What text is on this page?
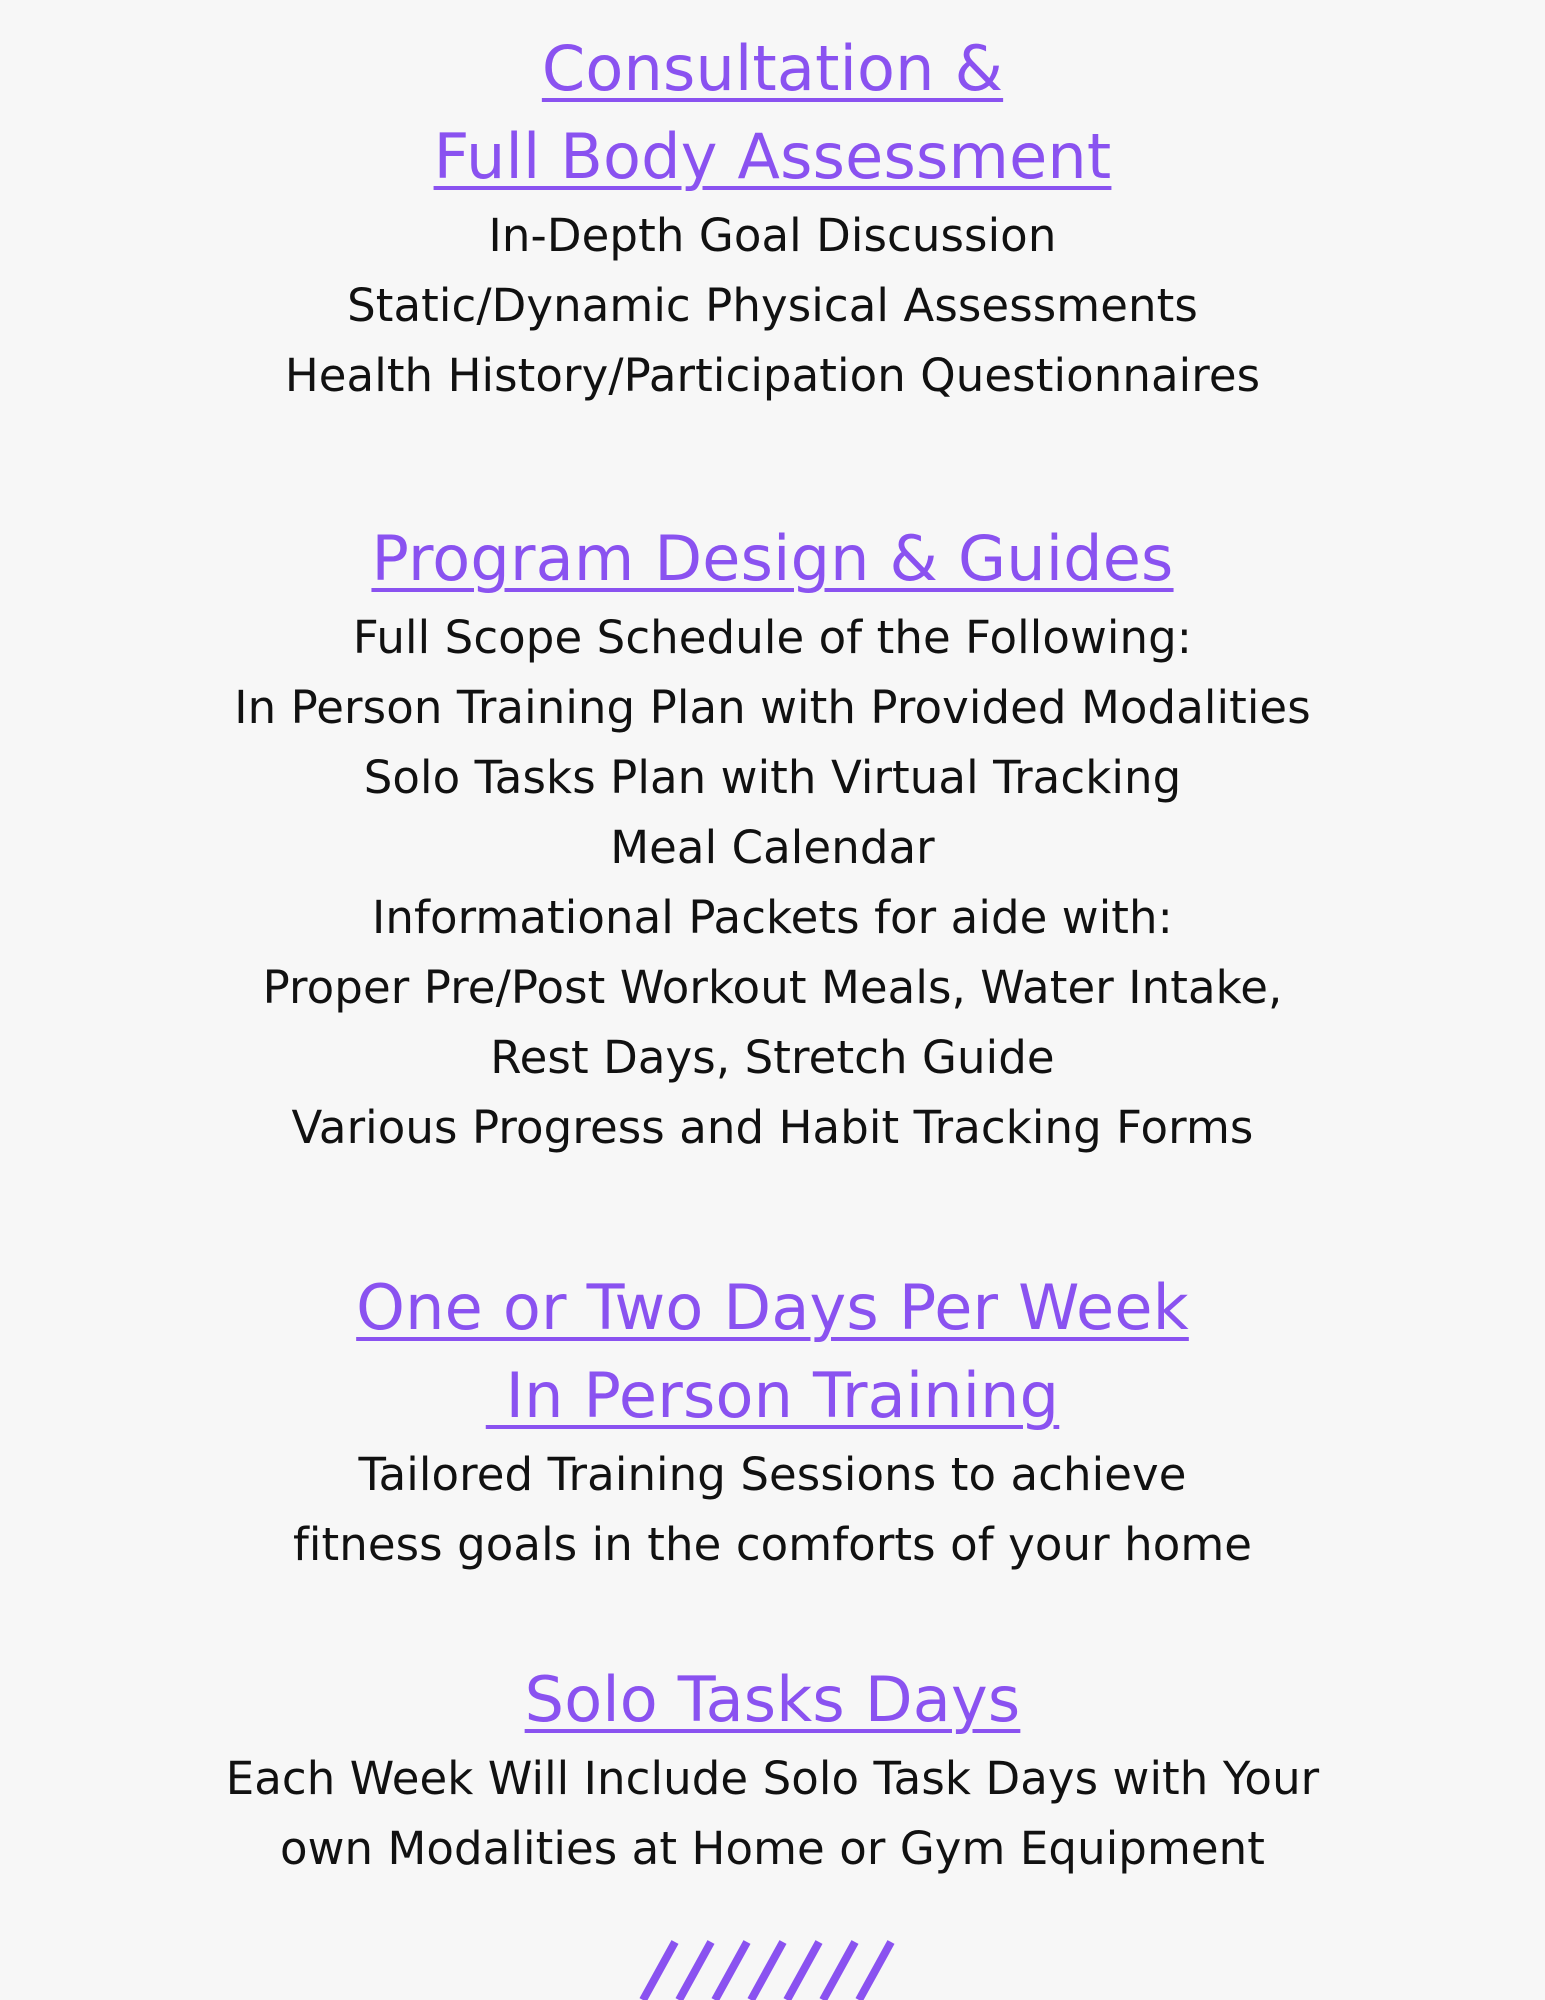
Consultation &
Full Body Assessment

In-Depth Goal Discussion

Static/Dynamic Physical Assessments

Health History/Participation Questionnaires

Program Design & Guides

Full Scope Schedule of the Following:

In Person Training Plan with Provided Modalities

Solo Tasks Plan with Virtual Tracking

Meal Calendar

Informational Packets for aide with:

Proper Pre/Post Workout Meals, Water Intake,

Rest Days, Stretch Guide

Various Progress and Habit Tracking Forms

One or Two Days Per Week
In Person Training

Tailored Training Sessions to achieve

fitness goals in the comforts of your home

Solo Tasks Days

Each Week Will Include Solo Task Days with Your

own Modalities at Home or Gym Equipment
